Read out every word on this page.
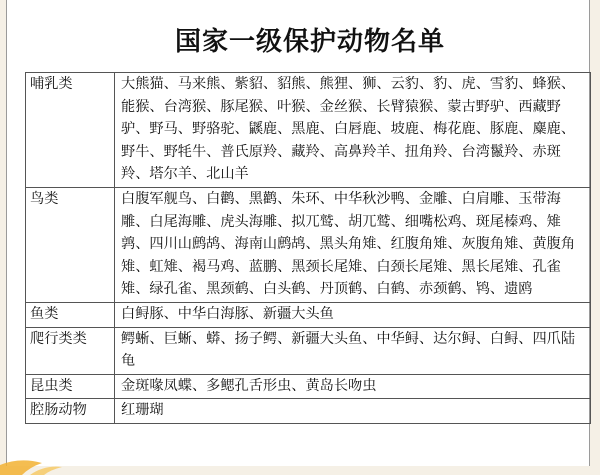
国家一级保护动物名单
哺乳类	大熊猫、马来熊、紫貂、貂熊、熊狸、狮、云豹、豹、虎、雪豹、蜂猴、能猴、台湾猴、豚尾猴、叶猴、金丝猴、长臂猿猴、蒙古野驴、西藏野驴、野马、野骆驼、鼷鹿、黑鹿、白唇鹿、坡鹿、梅花鹿、豚鹿、麋鹿、野牛、野牦牛、普氏原羚、藏羚、高鼻羚羊、扭角羚、台湾鬣羚、赤斑羚、塔尔羊、北山羊
鸟类	白腹军舰鸟、白鹳、黑鹳、朱环、中华秋沙鸭、金雕、白肩雕、玉带海雕、白尾海雕、虎头海雕、拟兀鹫、胡兀鹫、细嘴松鸡、斑尾榛鸡、雉鹑、四川山鹧鸪、海南山鹧鸪、黑头角雉、红腹角雉、灰腹角雉、黄腹角雉、虹雉、褐马鸡、蓝鹏、黑颈长尾雉、白颈长尾雉、黑长尾雉、孔雀雉、绿孔雀、黑颈鹤、白头鹤、丹顶鹤、白鹤、赤颈鹤、鸨、遗鸥
鱼类	白鲟豚、中华白海豚、新疆大头鱼
爬行类类	鳄蜥、巨蜥、蟒、扬子鳄、新疆大头鱼、中华鲟、达尔鲟、白鲟、四爪陆龟
昆虫类	金斑喙凤蝶、多鳃孔舌形虫、黄岛长吻虫
腔肠动物	红珊瑚
